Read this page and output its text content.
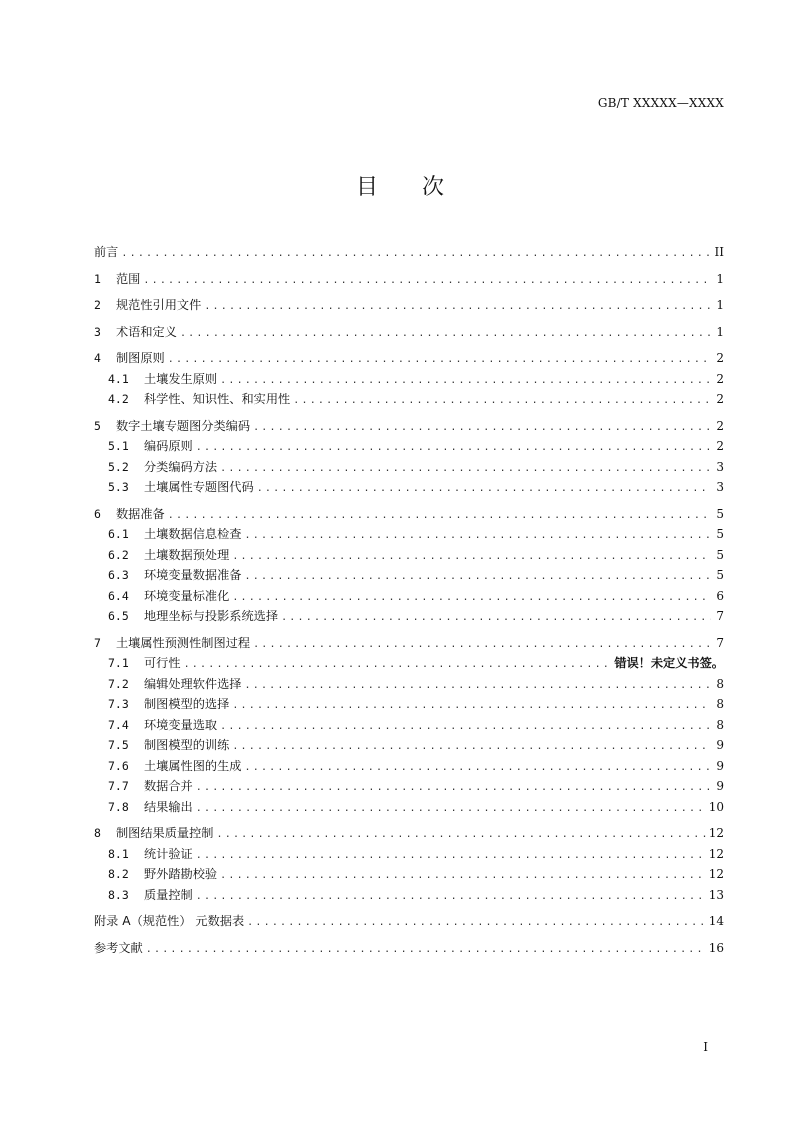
GB/T XXXXX—XXXX
目 次
前言 .....	II
1	范围 .....	1
2	规范性引用文件 .....	1
3	术语和定义 .....	1
4	制图原则 .....	2
4.1	土壤发生原则 .....	2
4.2	科学性、知识性、和实用性 .....	2
5	数字土壤专题图分类编码 .....	2
5.1	编码原则 .....	2
5.2	分类编码方法 .....	3
5.3	土壤属性专题图代码 .....	3
6	数据准备 .....	5
6.1	土壤数据信息检查 .....	5
6.2	土壤数据预处理 .....	5
6.3	环境变量数据准备 .....	5
6.4	环境变量标准化 .....	6
6.5	地理坐标与投影系统选择 .....	7
7	土壤属性预测性制图过程 .....	7
7.1	可行性 .....	错误！未定义书签。
7.2	编辑处理软件选择 .....	8
7.3	制图模型的选择 .....	8
7.4	环境变量选取 .....	8
7.5	制图模型的训练 .....	9
7.6	土壤属性图的生成 .....	9
7.7	数据合并 .....	9
7.8	结果输出 .....	10
8	制图结果质量控制 .....	12
8.1	统计验证 .....	12
8.2	野外踏勘校验 .....	12
8.3	质量控制 .....	13
附录 A（规范性） 元数据表 .....	14
参考文献 .....	16
I
